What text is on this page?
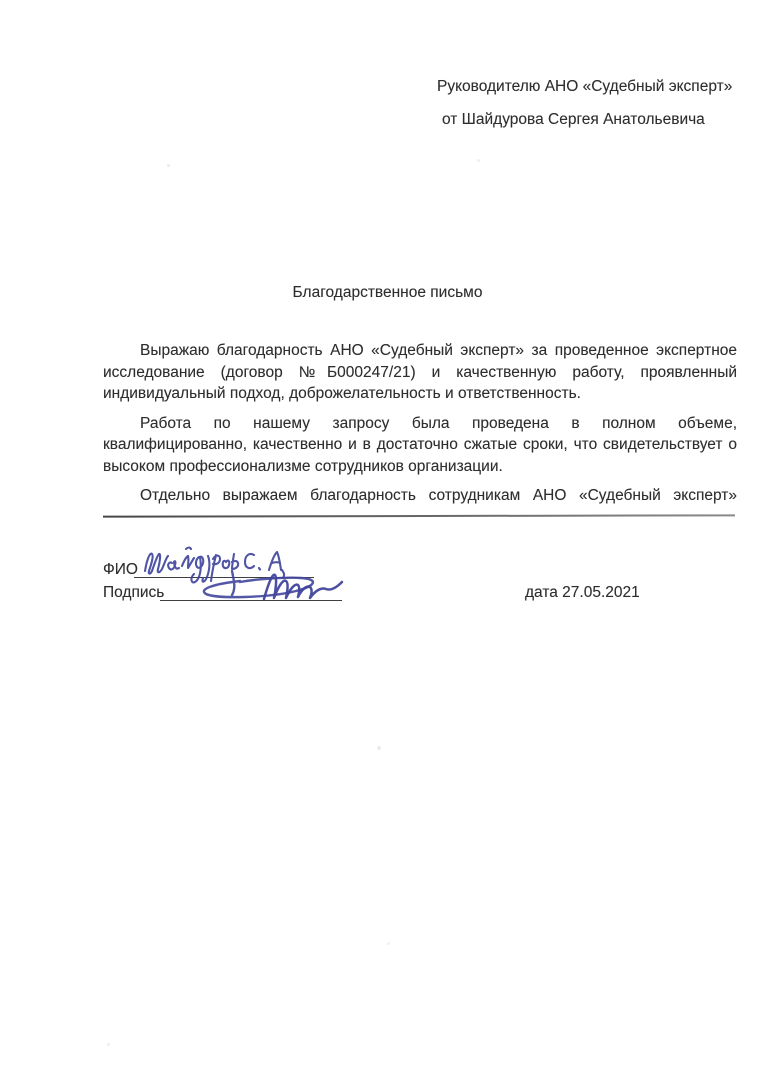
Руководителю АНО «Судебный эксперт»
от Шайдурова Сергея Анатольевича
Благодарственное письмо

Выражаю благодарность АНО «Судебный эксперт» за проведенное экспертное исследование (договор №Б000247/21) и качественную работу, проявленный индивидуальный подход, доброжелательность и ответственность.

Работа по нашему запросу была проведена в полном объеме, квалифицированно, качественно и в достаточно сжатые сроки, что свидетельствует о высоком профессионализме сотрудников организации.

Отдельно выражаем благодарность сотрудникам АНО «Судебный эксперт»

ФИО
Подпись	дата 27.05.2021
